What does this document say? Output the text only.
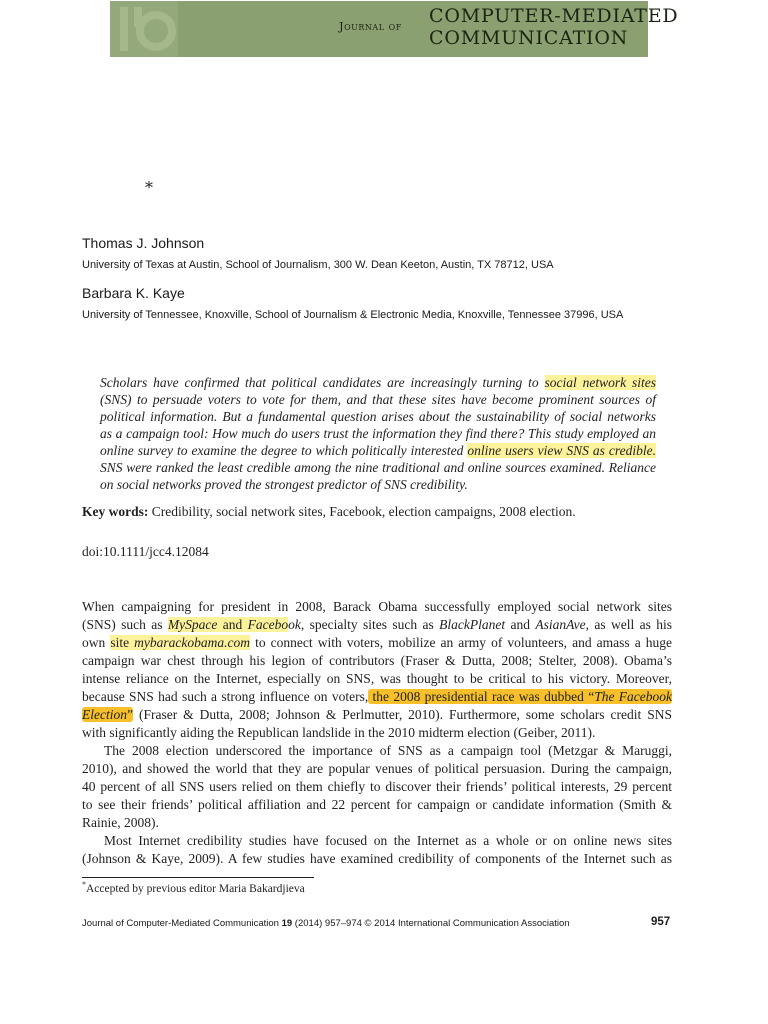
Journal of COMPUTER-MEDIATED
COMMUNICATION
*
Thomas J. Johnson
University of Texas at Austin, School of Journalism, 300 W. Dean Keeton, Austin, TX 78712, USA
Barbara K. Kaye
University of Tennessee, Knoxville, School of Journalism & Electronic Media, Knoxville, Tennessee 37996, USA
Scholars have confirmed that political candidates are increasingly turning to social network sites
(SNS) to persuade voters to vote for them, and that these sites have become prominent sources of
political information. But a fundamental question arises about the sustainability of social networks
as a campaign tool: How much do users trust the information they find there? This study employed an
online survey to examine the degree to which politically interested online users view SNS as credible.
SNS were ranked the least credible among the nine traditional and online sources examined. Reliance
on social networks proved the strongest predictor of SNS credibility.
Key words: Credibility, social network sites, Facebook, election campaigns, 2008 election.
doi:10.1111/jcc4.12084
When campaigning for president in 2008, Barack Obama successfully employed social network sites
(SNS) such as MySpace and Facebook, specialty sites such as BlackPlanet and AsianAve, as well as his
own site mybarackobama.com to connect with voters, mobilize an army of volunteers, and amass a huge
campaign war chest through his legion of contributors (Fraser & Dutta, 2008; Stelter, 2008). Obama’s
intense reliance on the Internet, especially on SNS, was thought to be critical to his victory. Moreover,
because SNS had such a strong influence on voters, the 2008 presidential race was dubbed “The Facebook
Election” (Fraser & Dutta, 2008; Johnson & Perlmutter, 2010). Furthermore, some scholars credit SNS
with significantly aiding the Republican landslide in the 2010 midterm election (Geiber, 2011).
The 2008 election underscored the importance of SNS as a campaign tool (Metzgar & Maruggi,
2010), and showed the world that they are popular venues of political persuasion. During the campaign,
40 percent of all SNS users relied on them chiefly to discover their friends’ political interests, 29 percent
to see their friends’ political affiliation and 22 percent for campaign or candidate information (Smith &
Rainie, 2008).
Most Internet credibility studies have focused on the Internet as a whole or on online news sites
(Johnson & Kaye, 2009). A few studies have examined credibility of components of the Internet such as
*Accepted by previous editor Maria Bakardjieva
Journal of Computer-Mediated Communication 19 (2014) 957–974 © 2014 International Communication Association	957
